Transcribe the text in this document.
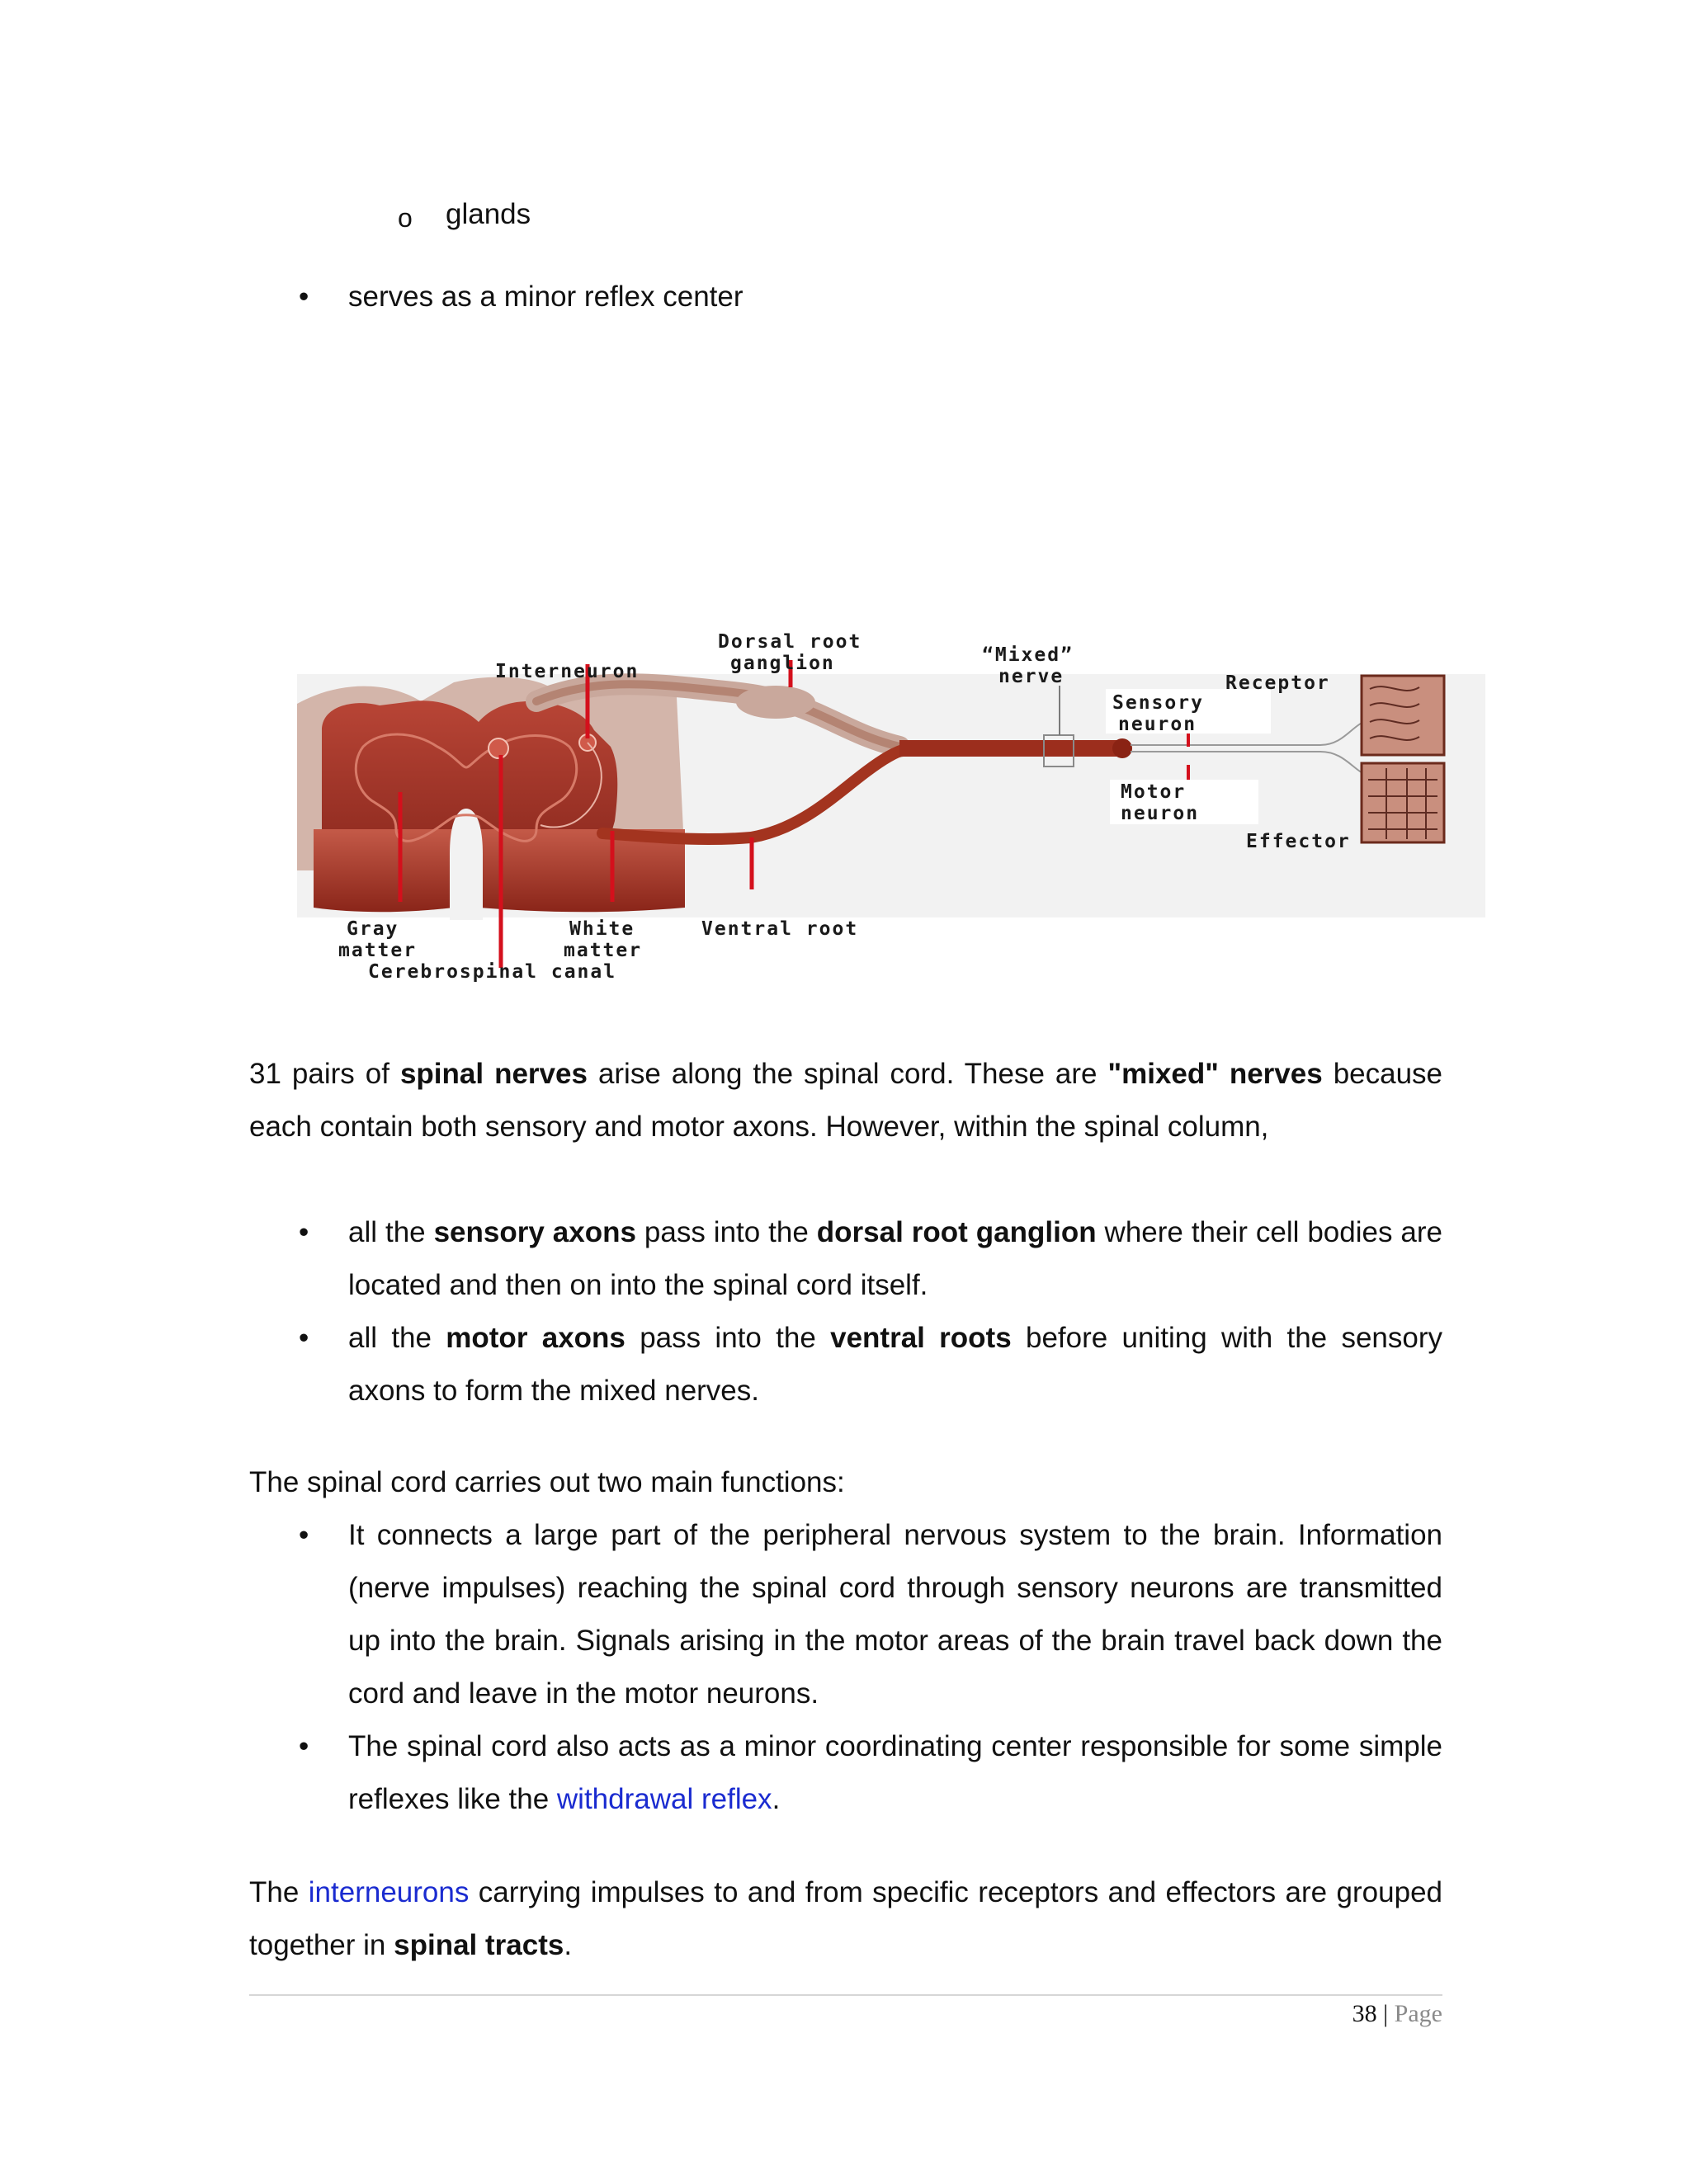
o glands
• serves as a minor reflex center
Dorsal root
ganglion
Interneuron
“Mixed”
nerve	Receptor
Sensory
neuron
Motor
neuron
Effector
Gray
matter
White
matter
Ventral root
Cerebrospinal canal
31 pairs of spinal nerves arise along the spinal cord. These are "mixed" nerves because each contain both sensory and motor axons. However, within the spinal column,
• all the sensory axons pass into the dorsal root ganglion where their cell bodies are located and then on into the spinal cord itself.
• all the motor axons pass into the ventral roots before uniting with the sensory axons to form the mixed nerves.
The spinal cord carries out two main functions:
• It connects a large part of the peripheral nervous system to the brain. Information (nerve impulses) reaching the spinal cord through sensory neurons are transmitted up into the brain. Signals arising in the motor areas of the brain travel back down the cord and leave in the motor neurons.
• The spinal cord also acts as a minor coordinating center responsible for some simple reflexes like the withdrawal reflex.
The interneurons carrying impulses to and from specific receptors and effectors are grouped together in spinal tracts.
38 | Page
